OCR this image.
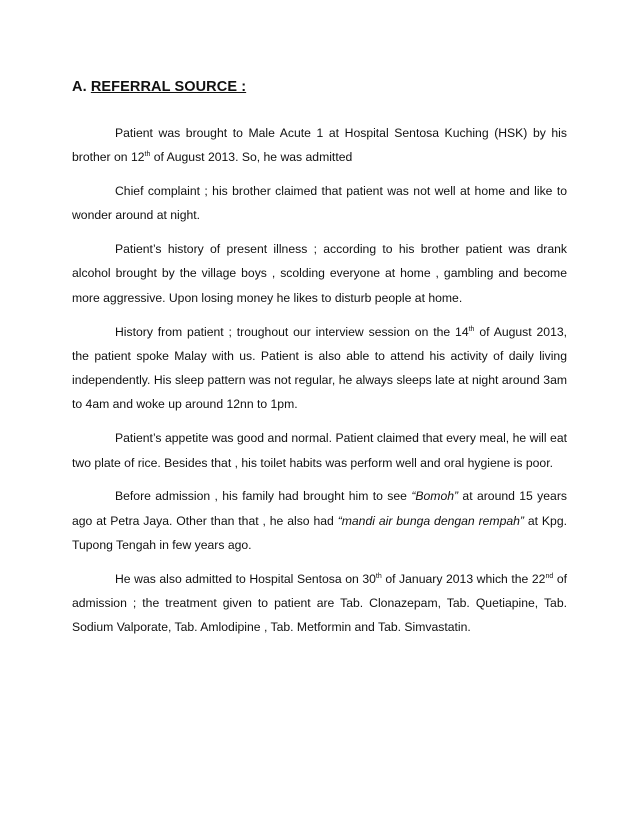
A. REFERRAL SOURCE :

Patient was brought to Male Acute 1 at Hospital Sentosa Kuching (HSK) by his brother on 12th of August 2013. So, he was admitted

Chief complaint ; his brother claimed that patient was not well at home and like to wonder around at night.

Patient’s history of present illness ; according to his brother patient was drank alcohol brought by the village boys , scolding everyone at home , gambling and become more aggressive. Upon losing money he likes to disturb people at home.

History from patient ; troughout our interview session on the 14th of August 2013, the patient spoke Malay with us. Patient is also able to attend his activity of daily living independently. His sleep pattern was not regular, he always sleeps late at night around 3am to 4am and woke up around 12nn to 1pm.

Patient’s appetite was good and normal. Patient claimed that every meal, he will eat two plate of rice. Besides that , his toilet habits was perform well and oral hygiene is poor.

Before admission , his family had brought him to see “Bomoh” at around 15 years ago at Petra Jaya. Other than that , he also had “mandi air bunga dengan rempah” at Kpg. Tupong Tengah in few years ago.

He was also admitted to Hospital Sentosa on 30th of January 2013 which the 22nd of admission ; the treatment given to patient are Tab. Clonazepam, Tab. Quetiapine, Tab. Sodium Valporate, Tab. Amlodipine , Tab. Metformin and Tab. Simvastatin.
